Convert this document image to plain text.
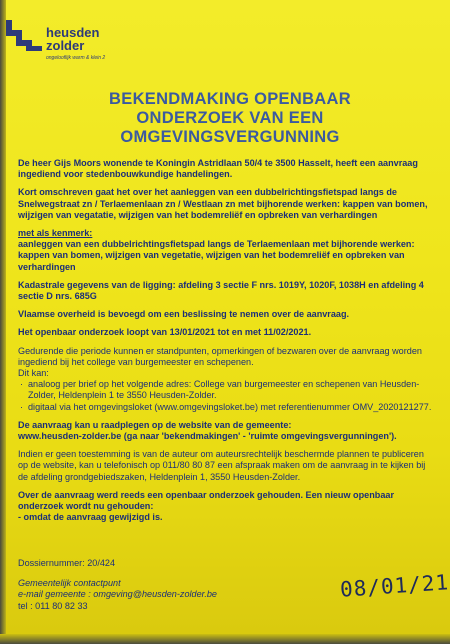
heusden
zolder
ongelooflijk warm & klein 2
BEKENDMAKING OPENBAAR ONDERZOEK VAN EEN OMGEVINGSVERGUNNING

De heer Gijs Moors wonende te Koningin Astridlaan 50/4 te 3500 Hasselt, heeft een aanvraag ingediend voor stedenbouwkundige handelingen.

Kort omschreven gaat het over het aanleggen van een dubbelrichtingsfietspad langs de Snelwegstraat zn / Terlaemenlaan zn / Westlaan zn met bijhorende werken: kappen van bomen, wijzigen van vegatatie, wijzigen van het bodemreliëf en opbreken van verhardingen

met als kenmerk:
aanleggen van een dubbelrichtingsfietspad langs de Terlaemenlaan met bijhorende werken: kappen van bomen, wijzigen van vegetatie, wijzigen van het bodemreliëf en opbreken van verhardingen

Kadastrale gegevens van de ligging: afdeling 3 sectie F nrs. 1019Y, 1020F, 1038H en afdeling 4 sectie D nrs. 685G

Vlaamse overheid is bevoegd om een beslissing te nemen over de aanvraag.

Het openbaar onderzoek loopt van 13/01/2021 tot en met 11/02/2021.

Gedurende die periode kunnen er standpunten, opmerkingen of bezwaren over de aanvraag worden ingediend bij het college van burgemeester en schepenen.
Dit kan:

· analoog per brief op het volgende adres: College van burgemeester en schepenen van Heusden-Zolder, Heldenplein 1 te 3550 Heusden-Zolder.
· digitaal via het omgevingsloket (www.omgevingsloket.be) met referentienummer OMV_2020121277.

De aanvraag kan u raadplegen op de website van de gemeente:
www.heusden-zolder.be (ga naar 'bekendmakingen' - 'ruimte omgevingsvergunningen').

Indien er geen toestemming is van de auteur om auteursrechtelijk beschermde plannen te publiceren op de website, kan u telefonisch op 011/80 80 87 een afspraak maken om de aanvraag in te kijken bij de afdeling grondgebiedszaken, Heldenplein 1, 3550 Heusden-Zolder.

Over de aanvraag werd reeds een openbaar onderzoek gehouden. Een nieuw openbaar onderzoek wordt nu gehouden:
- omdat de aanvraag gewijzigd is.

Dossiernummer: 20/424
Gemeentelijk contactpunt
e-mail gemeente : omgeving@heusden-zolder.be
tel : 011 80 82 33
08/01/21
